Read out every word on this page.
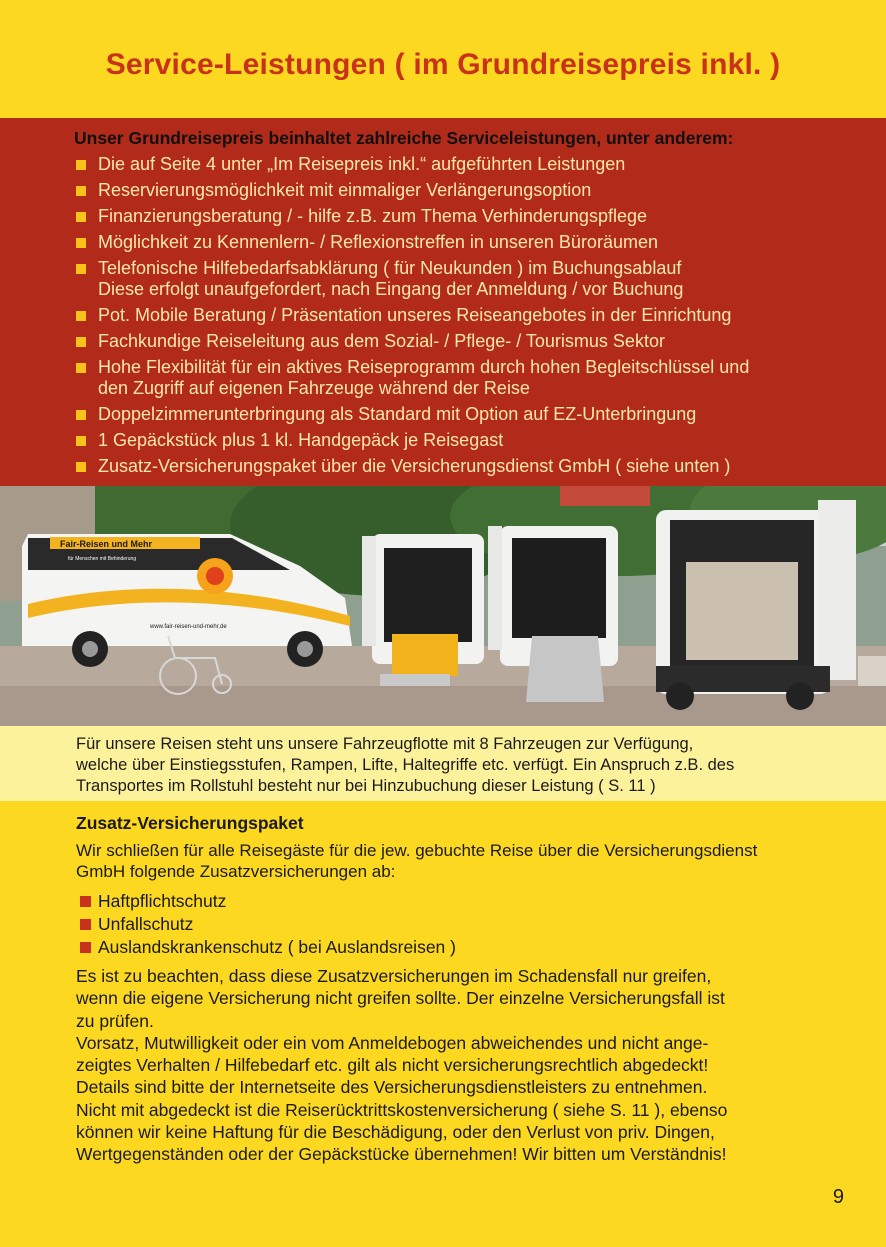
Service-Leistungen ( im Grundreisepreis inkl. )
Unser Grundreisepreis beinhaltet zahlreiche Serviceleistungen, unter anderem:
Die auf Seite 4 unter „Im Reisepreis inkl.“ aufgeführten Leistungen
Reservierungsmöglichkeit mit einmaliger Verlängerungsoption
Finanzierungsberatung / - hilfe z.B. zum Thema Verhinderungspflege
Möglichkeit zu Kennenlern- / Reflexionstreffen in unseren Büroräumen
Telefonische Hilfebedarfsabklärung ( für Neukunden ) im Buchungsablauf
Diese erfolgt unaufgefordert, nach Eingang der Anmeldung / vor Buchung
Pot. Mobile Beratung / Präsentation unseres Reiseangebotes in der Einrichtung
Fachkundige Reiseleitung aus dem Sozial- / Pflege- / Tourismus Sektor
Hohe Flexibilität für ein aktives Reiseprogramm durch hohen Begleitschlüssel und
den Zugriff auf eigenen Fahrzeuge während der Reise
Doppelzimmerunterbringung als Standard mit Option auf EZ-Unterbringung
1 Gepäckstück plus 1 kl. Handgepäck je Reisegast
Zusatz-Versicherungspaket über die Versicherungsdienst GmbH ( siehe unten )
Fair-Reisen und Mehr
für Menschen mit Behinderung
www.fair-reisen-und-mehr.de
Für unsere Reisen steht uns unsere Fahrzeugflotte mit 8 Fahrzeugen zur Verfügung,
welche über Einstiegsstufen, Rampen, Lifte, Haltegriffe etc. verfügt. Ein Anspruch z.B. des
Transportes im Rollstuhl besteht nur bei Hinzubuchung dieser Leistung ( S. 11 )
Zusatz-Versicherungspaket
Wir schließen für alle Reisegäste für die jew. gebuchte Reise über die Versicherungsdienst
GmbH folgende Zusatzversicherungen ab:
Haftpflichtschutz
Unfallschutz
Auslandskrankenschutz ( bei Auslandsreisen )
Es ist zu beachten, dass diese Zusatzversicherungen im Schadensfall nur greifen,
wenn die eigene Versicherung nicht greifen sollte. Der einzelne Versicherungsfall ist
zu prüfen.
Vorsatz, Mutwilligkeit oder ein vom Anmeldebogen abweichendes und nicht ange-
zeigtes Verhalten / Hilfebedarf etc. gilt als nicht versicherungsrechtlich abgedeckt!
Details sind bitte der Internetseite des Versicherungsdienstleisters zu entnehmen.
Nicht mit abgedeckt ist die Reiserücktrittskostenversicherung ( siehe S. 11 ), ebenso
können wir keine Haftung für die Beschädigung, oder den Verlust von priv. Dingen,
Wertgegenständen oder der Gepäckstücke übernehmen! Wir bitten um Verständnis!
9
